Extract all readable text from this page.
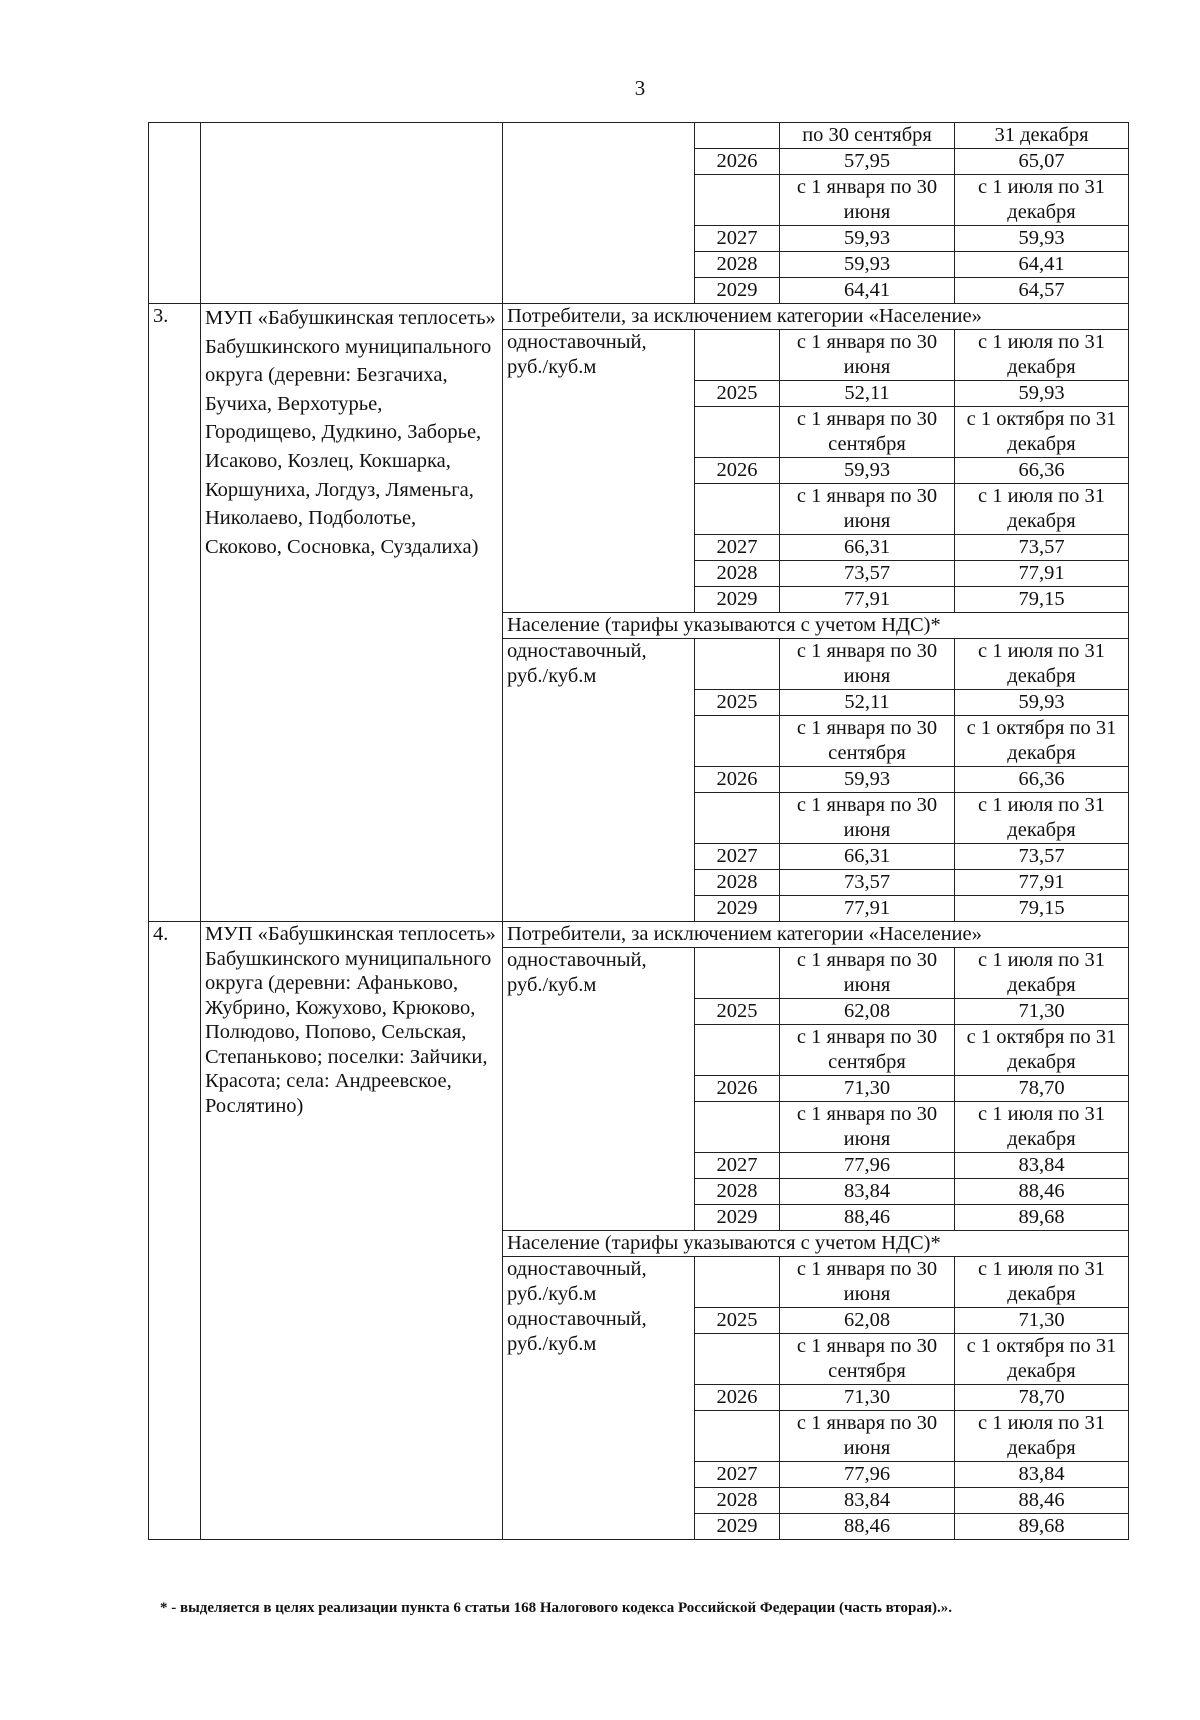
3
				по 30 сентября	31 декабря
			2026	57,95	65,07
				с 1 января по 30 июня	с 1 июля по 31 декабря
			2027	59,93	59,93
			2028	59,93	64,41
			2029	64,41	64,57
3.	МУП «Бабушкинская теплосеть» Бабушкинского муниципального округа (деревни: Безгачиха, Бучиха, Верхотурье, Городищево, Дудкино, Заборье, Исаково, Козлец, Кокшарка, Коршуниха, Логдуз, Ляменьга, Николаево, Подболотье, Скоково, Сосновка, Суздалиха)	Потребители, за исключением категории «Население»			
		одноставочный, руб./куб.м		с 1 января по 30 июня	с 1 июля по 31 декабря
			2025	52,11	59,93
				с 1 января по 30 сентября	с 1 октября по 31 декабря
			2026	59,93	66,36
				с 1 января по 30 июня	с 1 июля по 31 декабря
			2027	66,31	73,57
			2028	73,57	77,91
			2029	77,91	79,15
		Население (тарифы указываются с учетом НДС)*			
		одноставочный, руб./куб.м		с 1 января по 30 июня	с 1 июля по 31 декабря
			2025	52,11	59,93
				с 1 января по 30 сентября	с 1 октября по 31 декабря
			2026	59,93	66,36
				с 1 января по 30 июня	с 1 июля по 31 декабря
			2027	66,31	73,57
			2028	73,57	77,91
			2029	77,91	79,15
4.	МУП «Бабушкинская теплосеть» Бабушкинского муниципального округа (деревни: Афанькoво, Жубрино, Кожухово, Крюково, Полюдово, Попово, Сельская, Степанькoво; поселки: Зайчики, Красота; села: Андреевское, Рослятино)	Потребители, за исключением категории «Население»			
		одноставочный, руб./куб.м		с 1 января по 30 июня	с 1 июля по 31 декабря
			2025	62,08	71,30
				с 1 января по 30 сентября	с 1 октября по 31 декабря
			2026	71,30	78,70
				с 1 января по 30 июня	с 1 июля по 31 декабря
			2027	77,96	83,84
			2028	83,84	88,46
			2029	88,46	89,68
		Население (тарифы указываются с учетом НДС)*			
		одноставочный, руб./куб.м одноставочный, руб./куб.м		с 1 января по 30 июня	с 1 июля по 31 декабря
			2025	62,08	71,30
				с 1 января по 30 сентября	с 1 октября по 31 декабря
			2026	71,30	78,70
				с 1 января по 30 июня	с 1 июля по 31 декабря
			2027	77,96	83,84
			2028	83,84	88,46
			2029	88,46	89,68
* - выделяется в целях реализации пункта 6 статьи 168 Налогового кодекса Российской Федерации (часть вторая).».
